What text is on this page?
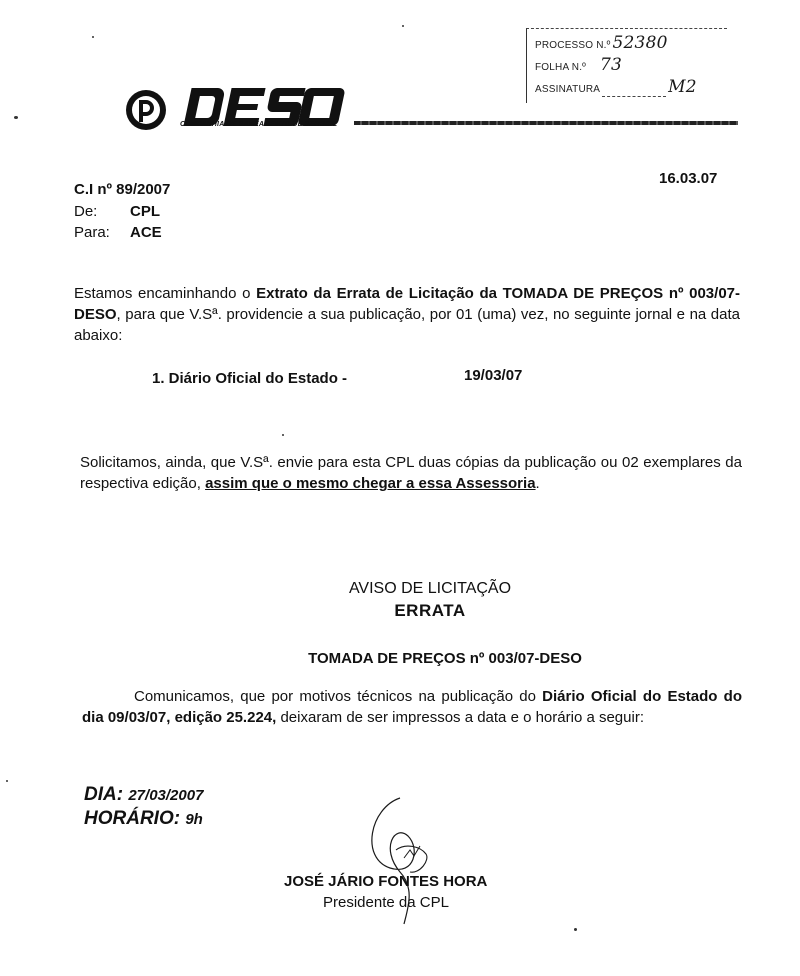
PROCESSO N.º 52380
FOLHA N.º 73
ASSINATURA	M2
COMPANHIA DE SANEAMENTO DE SERGIPE
C.I nº 89/2007
16.03.07
De: CPL
Para: ACE
Estamos encaminhando o Extrato da Errata de Licitação da TOMADA DE PREÇOS nº 003/07-DESO, para que V.Sª. providencie a sua publicação, por 01 (uma) vez, no seguinte jornal e na data abaixo:
1. Diário Oficial do Estado -	19/03/07
Solicitamos, ainda, que V.Sª. envie para esta CPL duas cópias da publicação ou 02 exemplares da respectiva edição, assim que o mesmo chegar a essa Assessoria.
AVISO DE LICITAÇÃO
ERRATA
TOMADA DE PREÇOS nº 003/07-DESO
Comunicamos, que por motivos técnicos na publicação do Diário Oficial do Estado do dia 09/03/07, edição 25.224, deixaram de ser impressos a data e o horário a seguir:
DIA: 27/03/2007
HORÁRIO: 9h
JOSÉ JÁRIO FONTES HORA
Presidente da CPL
